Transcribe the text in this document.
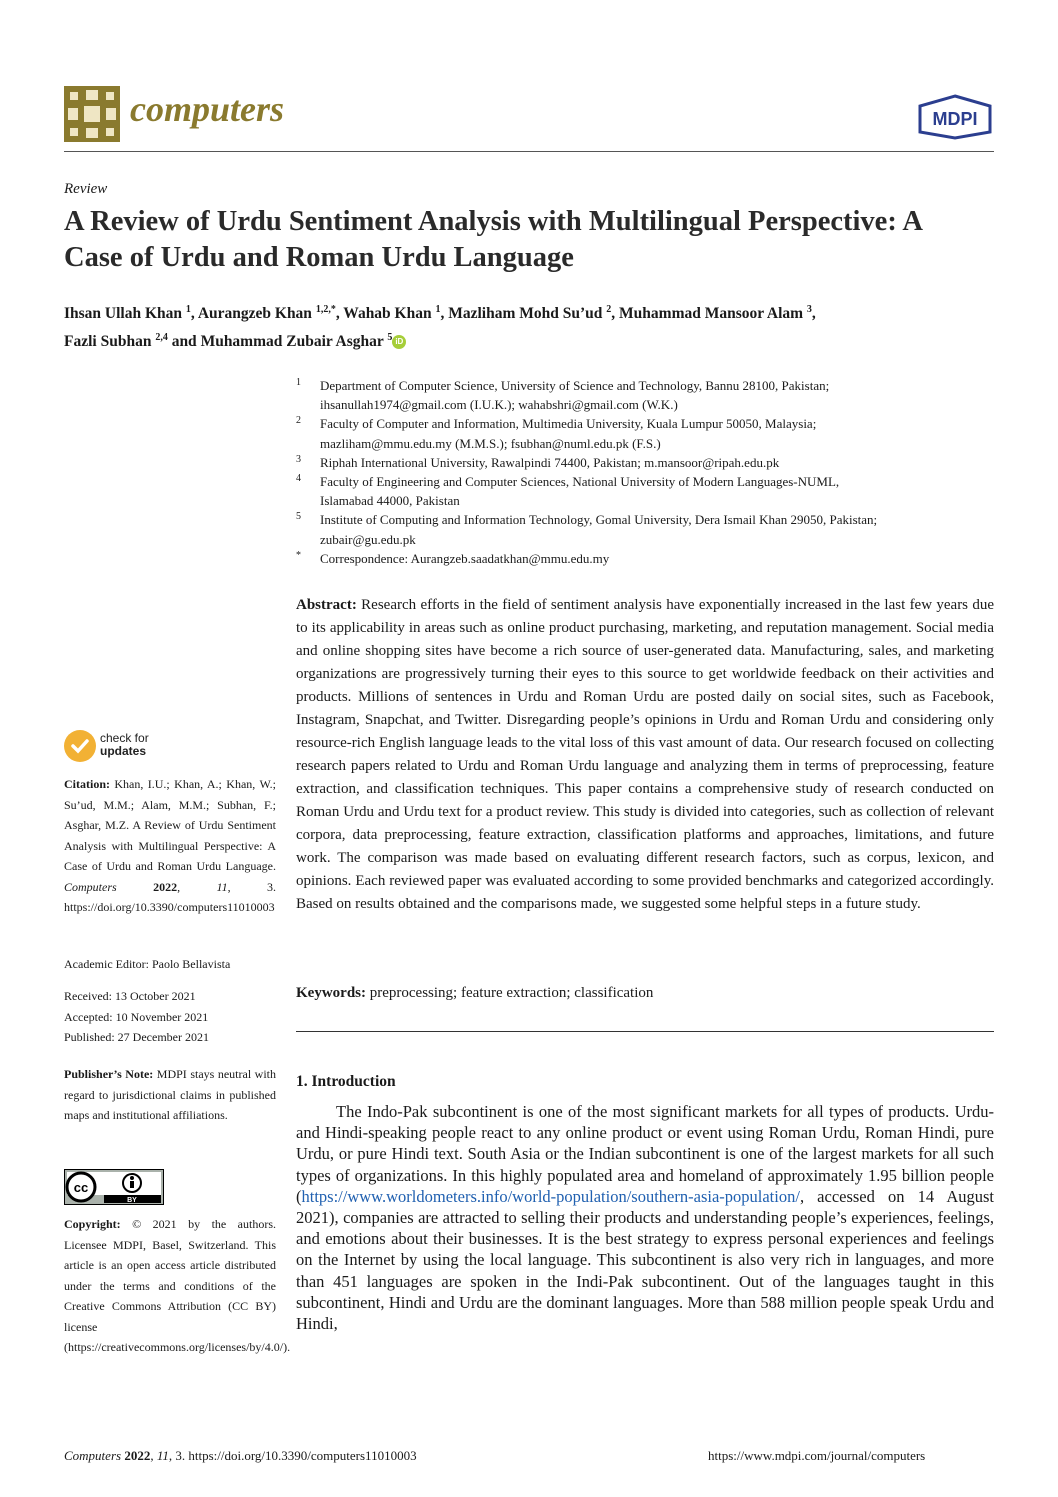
computers	MDPI
Review
A Review of Urdu Sentiment Analysis with Multilingual Perspective: A Case of Urdu and Roman Urdu Language
Ihsan Ullah Khan $^1$, Aurangzeb Khan $^{1,2,*}$, Wahab Khan $^1$, Mazliham Mohd Su’ud $^2$, Muhammad Mansoor Alam $^3$,
Fazli Subhan $^{2,4}$ and Muhammad Zubair Asghar $^5$ iD
1	Department of Computer Science, University of Science and Technology, Bannu 28100, Pakistan;
ihsanullah1974@gmail.com (I.U.K.); wahabshri@gmail.com (W.K.)
2	Faculty of Computer and Information, Multimedia University, Kuala Lumpur 50050, Malaysia;
mazliham@mmu.edu.my (M.M.S.); fsubhan@numl.edu.pk (F.S.)
3	Riphah International University, Rawalpindi 74400, Pakistan; m.mansoor@ripah.edu.pk
4	Faculty of Engineering and Computer Sciences, National University of Modern Languages-NUML,
Islamabad 44000, Pakistan
5	Institute of Computing and Information Technology, Gomal University, Dera Ismail Khan 29050, Pakistan;
zubair@gu.edu.pk
*	Correspondence: Aurangzeb.saadatkhan@mmu.edu.my
Abstract: Research efforts in the field of sentiment analysis have exponentially increased in the last few years due to its applicability in areas such as online product purchasing, marketing, and reputation management. Social media and online shopping sites have become a rich source of user-generated data. Manufacturing, sales, and marketing organizations are progressively turning their eyes to this source to get worldwide feedback on their activities and products. Millions of sentences in Urdu and Roman Urdu are posted daily on social sites, such as Facebook, Instagram, Snapchat, and Twitter. Disregarding people’s opinions in Urdu and Roman Urdu and considering only resource-rich English language leads to the vital loss of this vast amount of data. Our research focused on collecting research papers related to Urdu and Roman Urdu language and analyzing them in terms of preprocessing, feature extraction, and classification techniques. This paper contains a comprehensive study of research conducted on Roman Urdu and Urdu text for a product review. This study is divided into categories, such as collection of relevant corpora, data preprocessing, feature extraction, classification platforms and approaches, limitations, and future work. The comparison was made based on evaluating different research factors, such as corpus, lexicon, and opinions. Each reviewed paper was evaluated according to some provided benchmarks and categorized accordingly. Based on results obtained and the comparisons made, we suggested some helpful steps in a future study.
Keywords: preprocessing; feature extraction; classification
1. Introduction
The Indo-Pak subcontinent is one of the most significant markets for all types of products. Urdu- and Hindi-speaking people react to any online product or event using Roman Urdu, Roman Hindi, pure Urdu, or pure Hindi text. South Asia or the Indian subcontinent is one of the largest markets for all such types of organizations. In this highly populated area and homeland of approximately 1.95 billion people (https://www.worldometers.info/world-population/southern-asia-population/, accessed on 14 August 2021), companies are attracted to selling their products and understanding people’s experiences, feelings, and emotions about their businesses. It is the best strategy to express personal experiences and feelings on the Internet by using the local language. This subcontinent is also very rich in languages, and more than 451 languages are spoken in the Indi-Pak subcontinent. Out of the languages taught in this subcontinent, Hindi and Urdu are the dominant languages. More than 588 million people speak Urdu and Hindi,
check for
updates
Citation: Khan, I.U.; Khan, A.; Khan, W.; Su’ud, M.M.; Alam, M.M.; Subhan, F.; Asghar, M.Z. A Review of Urdu Sentiment Analysis with Multilingual Perspective: A Case of Urdu and Roman Urdu Language. Computers	2022, 11, 3. https://doi.org/10.3390/computers11010003
Academic Editor: Paolo Bellavista
Received: 13 October 2021
Accepted: 10 November 2021
Published: 27 December 2021
Publisher’s Note: MDPI stays neutral with regard to jurisdictional claims in published maps and institutional affiliations.
cc
BY
Copyright: © 2021 by the authors. Licensee MDPI, Basel, Switzerland. This article is an open access article distributed under the terms and conditions of the Creative Commons Attribution (CC BY) license (https://creativecommons.org/licenses/by/4.0/).
Computers 2022, 11, 3. https://doi.org/10.3390/computers11010003	https://www.mdpi.com/journal/computers
